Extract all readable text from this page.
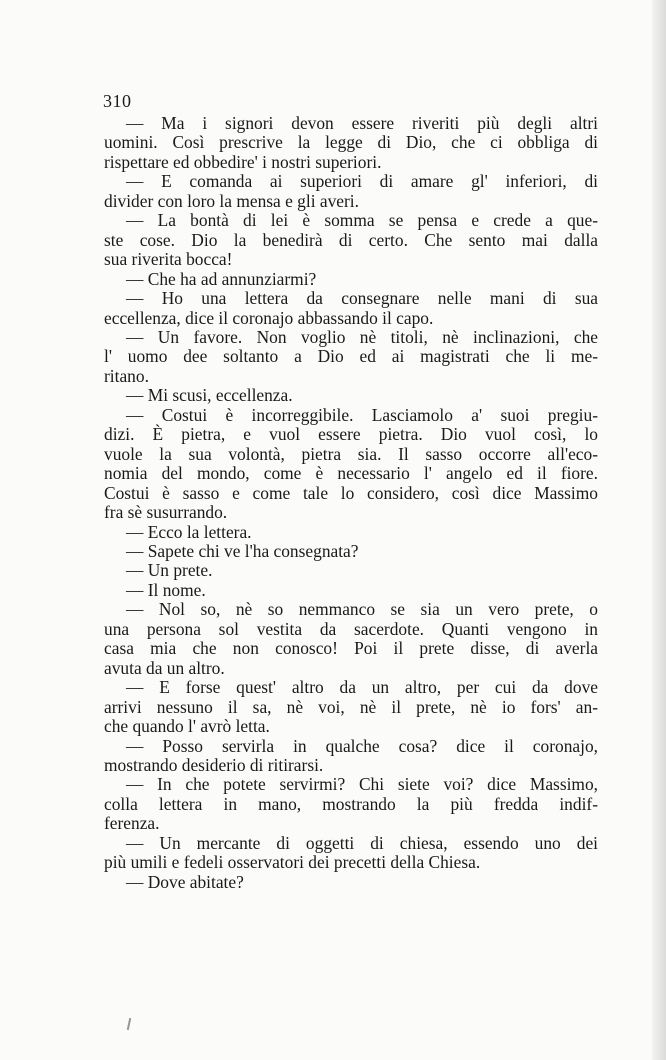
310
— Ma i signori devon essere riveriti più degli altri
uomini. Così prescrive la legge di Dio, che ci obbliga di
rispettare ed obbedire' i nostri superiori.
— E comanda ai superiori di amare gl' inferiori, di
divider con loro la mensa e gli averi.
— La bontà di lei è somma se pensa e crede a que-
ste cose. Dio la benedirà di certo. Che sento mai dalla
sua riverita bocca!
— Che ha ad annunziarmi?
— Ho una lettera da consegnare nelle mani di sua
eccellenza, dice il coronajo abbassando il capo.
— Un favore. Non voglio nè titoli, nè inclinazioni, che
l' uomo dee soltanto a Dio ed ai magistrati che li me-
ritano.
— Mi scusi, eccellenza.
— Costui è incorreggibile. Lasciamolo a' suoi pregiu-
dizi. È pietra, e vuol essere pietra. Dio vuol così, lo
vuole la sua volontà, pietra sia. Il sasso occorre all'eco-
nomia del mondo, come è necessario l' angelo ed il fiore.
Costui è sasso e come tale lo considero, così dice Massimo
fra sè susurrando.
— Ecco la lettera.
— Sapete chi ve l'ha consegnata?
— Un prete.
— Il nome.
— Nol so, nè so nemmanco se sia un vero prete, o
una persona sol vestita da sacerdote. Quanti vengono in
casa mia che non conosco! Poi il prete disse, di averla
avuta da un altro.
— E forse quest' altro da un altro, per cui da dove
arrivi nessuno il sa, nè voi, nè il prete, nè io fors' an-
che quando l' avrò letta.
— Posso servirla in qualche cosa? dice il coronajo,
mostrando desiderio di ritirarsi.
— In che potete servirmi? Chi siete voi? dice Massimo,
colla lettera in mano, mostrando la più fredda indif-
ferenza.
— Un mercante di oggetti di chiesa, essendo uno dei
più umili e fedeli osservatori dei precetti della Chiesa.
— Dove abitate?
